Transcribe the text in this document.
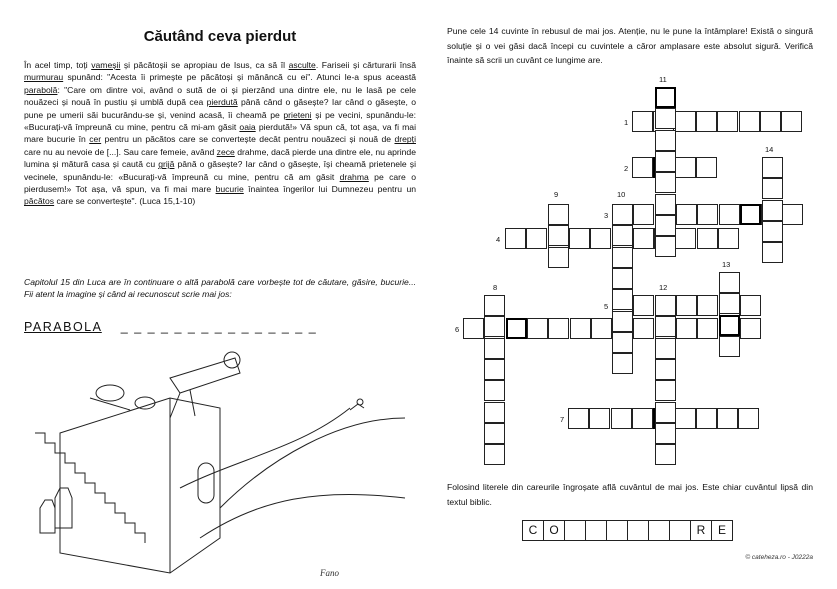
Căutând ceva pierdut
În acel timp, toți vameșii și păcătoșii se apropiau de Isus, ca să îl asculte. Fariseii și cărturarii însă murmurau spunând: "Acesta îi primește pe păcătoși și mănâncă cu ei". Atunci le-a spus această parabolă: "Care om dintre voi, având o sută de oi și pierzând una dintre ele, nu le lasă pe cele nouăzeci și nouă în pustiu și umblă după cea pierdută până când o găsește? Iar când o găsește, o pune pe umerii săi bucurându-se și, venind acasă, îi cheamă pe prieteni și pe vecini, spunându-le: «Bucurați-vă împreună cu mine, pentru că mi-am găsit oaia pierdută!» Vă spun că, tot așa, va fi mai mare bucurie în cer pentru un păcătos care se convertește decât pentru nouăzeci și nouă de drepți care nu au nevoie de [...]. Sau care femeie, având zece drahme, dacă pierde una dintre ele, nu aprinde lumina și mătură casa și caută cu grijă până o găsește? Iar când o găsește, își cheamă prietenele și vecinele, spunându-le: «Bucurați-vă împreună cu mine, pentru că am găsit drahma pe care o pierdusem!» Tot așa, vă spun, va fi mai mare bucurie înaintea îngerilor lui Dumnezeu pentru un păcătos care se convertește". (Luca 15,1-10)
Capitolul 15 din Luca are în continuare o altă parabolă care vorbește tot de căutare, găsire, bucurie... Fii atent la imagine și când ai recunoscut scrie mai jos:
PARABOLA _ _ _ _ _ _ _ _ _ _ _ _ _ _ _
Fano
Pune cele 14 cuvinte în rebusul de mai jos. Atenție, nu le pune la întâmplare! Există o singură soluție și o vei găsi dacă începi cu cuvintele a căror amplasare este absolut sigură. Verifică înainte să scrii un cuvânt ce lungime are.
1
2
3
4
5
6
7
8
9	10
11
12
13
14
Folosind literele din careurile îngroșate află cuvântul de mai jos. Este chiar cuvântul lipsă din textul biblic.
C	O	R	E
© cateheza.ro - J0222a
